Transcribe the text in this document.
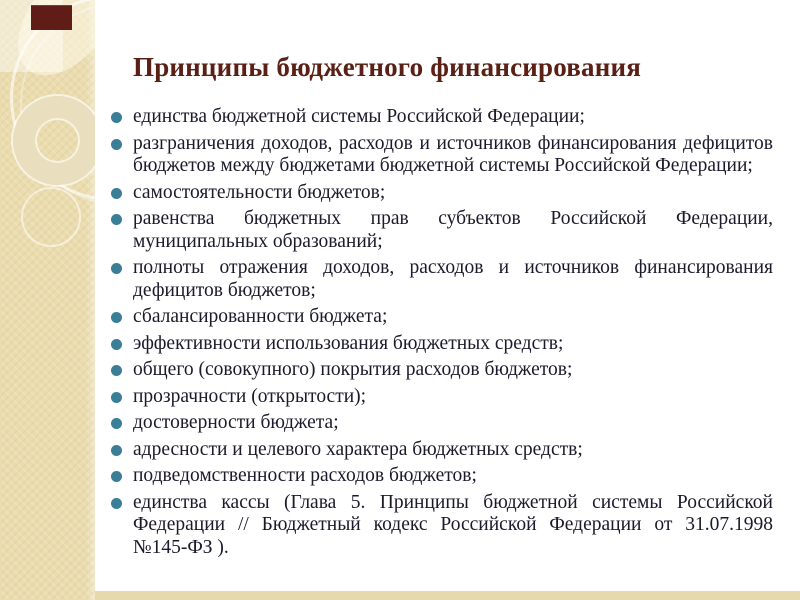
Принципы бюджетного финансирования
единства бюджетной системы Российской Федерации;
разграничения доходов, расходов и источников финансирования дефицитов бюджетов между бюджетами бюджетной системы Российской Федерации;
самостоятельности бюджетов;
равенства бюджетных прав субъектов Российской Федерации, муниципальных образований;
полноты отражения доходов, расходов и источников финансирования дефицитов бюджетов;
сбалансированности бюджета;
эффективности использования бюджетных средств;
общего (совокупного) покрытия расходов бюджетов;
прозрачности (открытости);
достоверности бюджета;
адресности и целевого характера бюджетных средств;
подведомственности расходов бюджетов;
единства кассы (Глава 5. Принципы бюджетной системы Российской Федерации // Бюджетный кодекс Российской Федерации от 31.07.1998 №145-ФЗ ).
